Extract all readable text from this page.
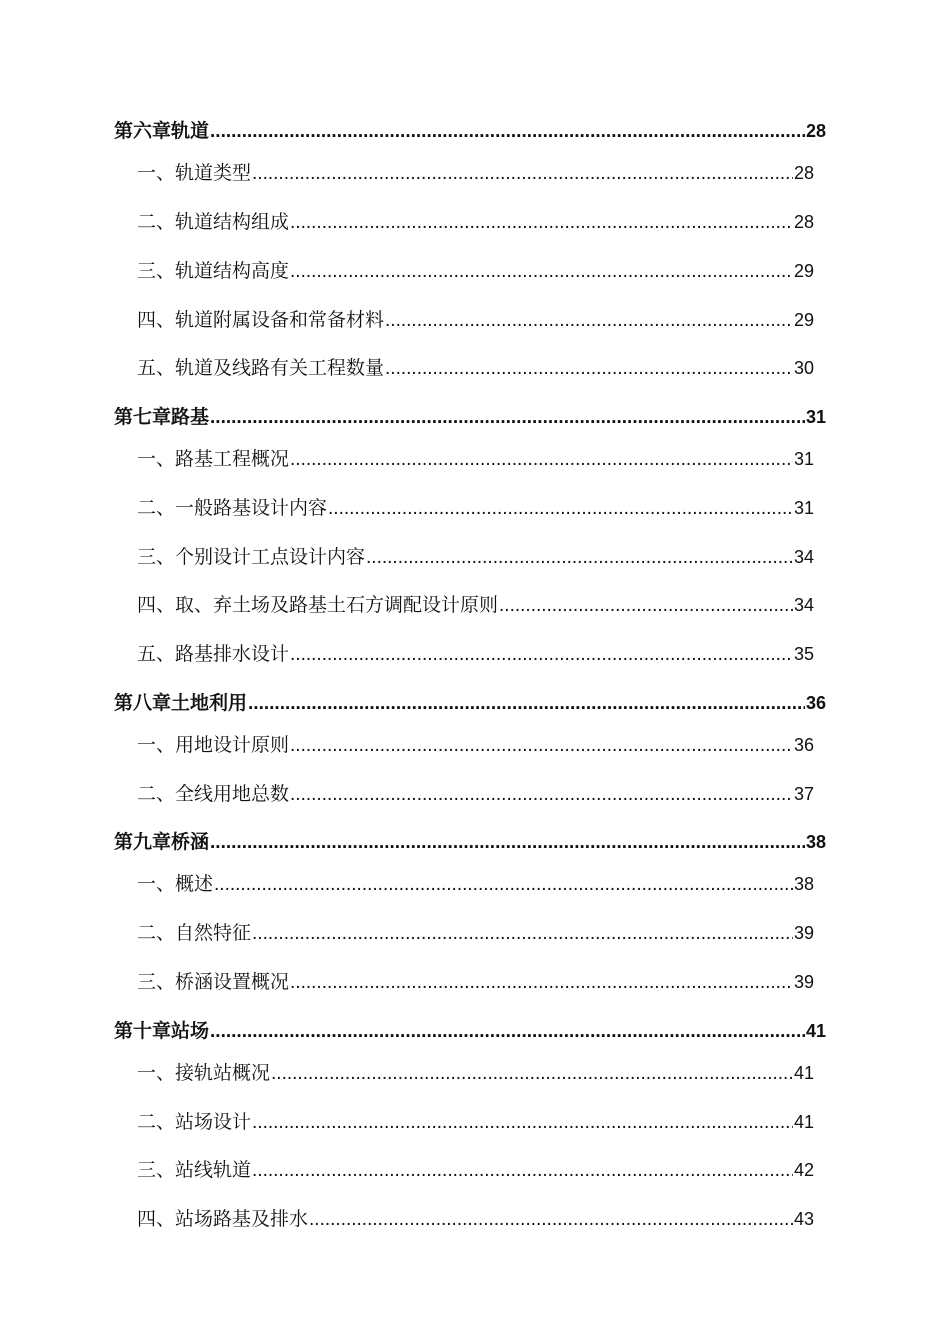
第六章轨道 .....	28
一、轨道类型 .....	28
二、轨道结构组成 .....	28
三、轨道结构高度 .....	29
四、轨道附属设备和常备材料 .....	29
五、轨道及线路有关工程数量 .....	30
第七章路基 .....	31
一、路基工程概况 .....	31
二、一般路基设计内容 .....	31
三、个别设计工点设计内容 .....	34
四、取、弃土场及路基土石方调配设计原则 .....	34
五、路基排水设计 .....	35
第八章土地利用 .....	36
一、用地设计原则 .....	36
二、全线用地总数 .....	37
第九章桥涵 .....	38
一、概述 .....	38
二、自然特征 .....	39
三、桥涵设置概况 .....	39
第十章站场 .....	41
一、接轨站概况 .....	41
二、站场设计 .....	41
三、站线轨道 .....	42
四、站场路基及排水 .....	43
